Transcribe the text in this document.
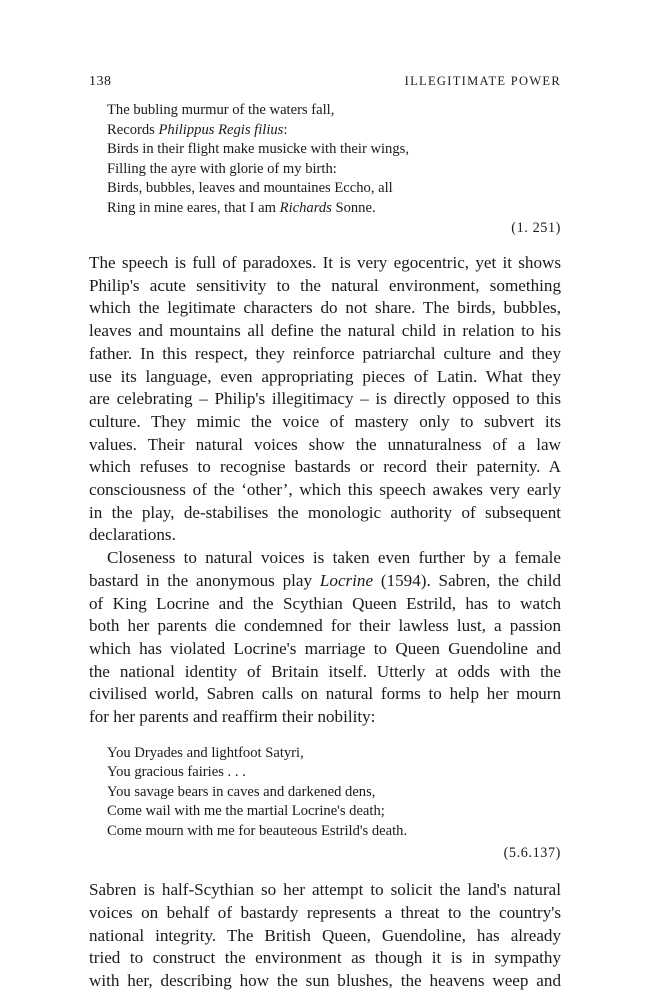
138	ILLEGITIMATE POWER
The bubling murmur of the waters fall,
Records Philippus Regis filius:
Birds in their flight make musicke with their wings,
Filling the ayre with glorie of my birth:
Birds, bubbles, leaves and mountaines Eccho, all
Ring in mine eares, that I am Richards Sonne.
(1. 251)
The speech is full of paradoxes. It is very egocentric, yet it shows
Philip's acute sensitivity to the natural environment, something
which the legitimate characters do not share. The birds, bubbles,
leaves and mountains all define the natural child in relation to his
father. In this respect, they reinforce patriarchal culture and they
use its language, even appropriating pieces of Latin. What they
are celebrating – Philip's illegitimacy – is directly opposed to this
culture. They mimic the voice of mastery only to subvert its
values. Their natural voices show the unnaturalness of a law
which refuses to recognise bastards or record their paternity. A
consciousness of the ‘other’, which this speech awakes very early
in the play, de-stabilises the monologic authority of subsequent
declarations.
Closeness to natural voices is taken even further by a female
bastard in the anonymous play Locrine (1594). Sabren, the child
of King Locrine and the Scythian Queen Estrild, has to watch
both her parents die condemned for their lawless lust, a passion
which has violated Locrine's marriage to Queen Guendoline and
the national identity of Britain itself. Utterly at odds with the
civilised world, Sabren calls on natural forms to help her mourn
for her parents and reaffirm their nobility:
You Dryades and lightfoot Satyri,
You gracious fairies . . .
You savage bears in caves and darkened dens,
Come wail with me the martial Locrine's death;
Come mourn with me for beauteous Estrild's death.
(5.6.137)
Sabren is half-Scythian so her attempt to solicit the land's natural
voices on behalf of bastardy represents a threat to the country's
national integrity. The British Queen, Guendoline, has already
tried to construct the environment as though it is in sympathy
with her, describing how the sun blushes, the heavens weep and
